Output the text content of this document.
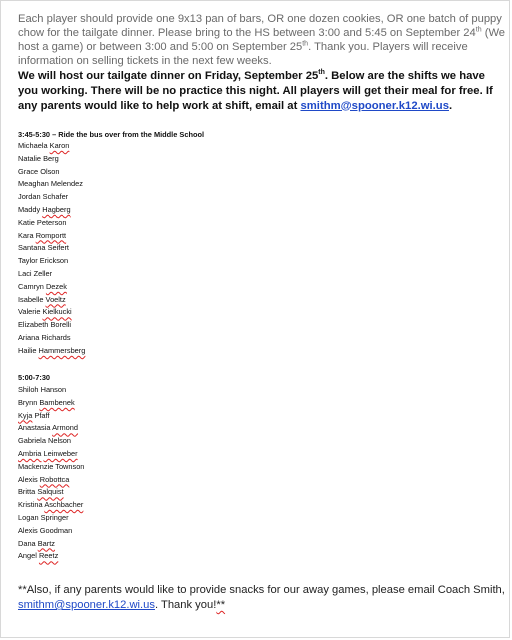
Each player should provide one 9x13 pan of bars, OR one dozen cookies, OR one batch of puppy chow for the tailgate dinner. Please bring to the HS between 3:00 and 5:45 on September 24th (We host a game) or between 3:00 and 5:00 on September 25th. Thank you. Players will receive information on selling tickets in the next few weeks.
We will host our tailgate dinner on Friday, September 25th. Below are the shifts we have you working. There will be no practice this night. All players will get their meal for free. If any parents would like to help work at shift, email at smithm@spooner.k12.wi.us.
3:45-5:30 – Ride the bus over from the Middle School
Michaela Karon
Natalie Berg
Grace Olson
Meaghan Melendez
Jordan Schafer
Maddy Hagberg
Katie Peterson
Kara Romportt
Santana Seifert
Taylor Erickson
Laci Zeller
Camryn Dezek
Isabelle Voeltz
Valerie Kielkucki
Elizabeth Borelli
Ariana Richards
Hailie Hammersberg
5:00-7:30
Shiloh Hanson
Brynn Bambenek
Kyja Pfaff
Anastasia Armond
Gabriela Nelson
Ambria Leinweber
Mackenzie Townson
Alexis Robottca
Britta Salquist
Kristina Aschbacher
Logan Springer
Alexis Goodman
Dana Bartz
Angel Reetz
**Also, if any parents would like to provide snacks for our away games, please email Coach Smith, smithm@spooner.k12.wi.us. Thank you!**
